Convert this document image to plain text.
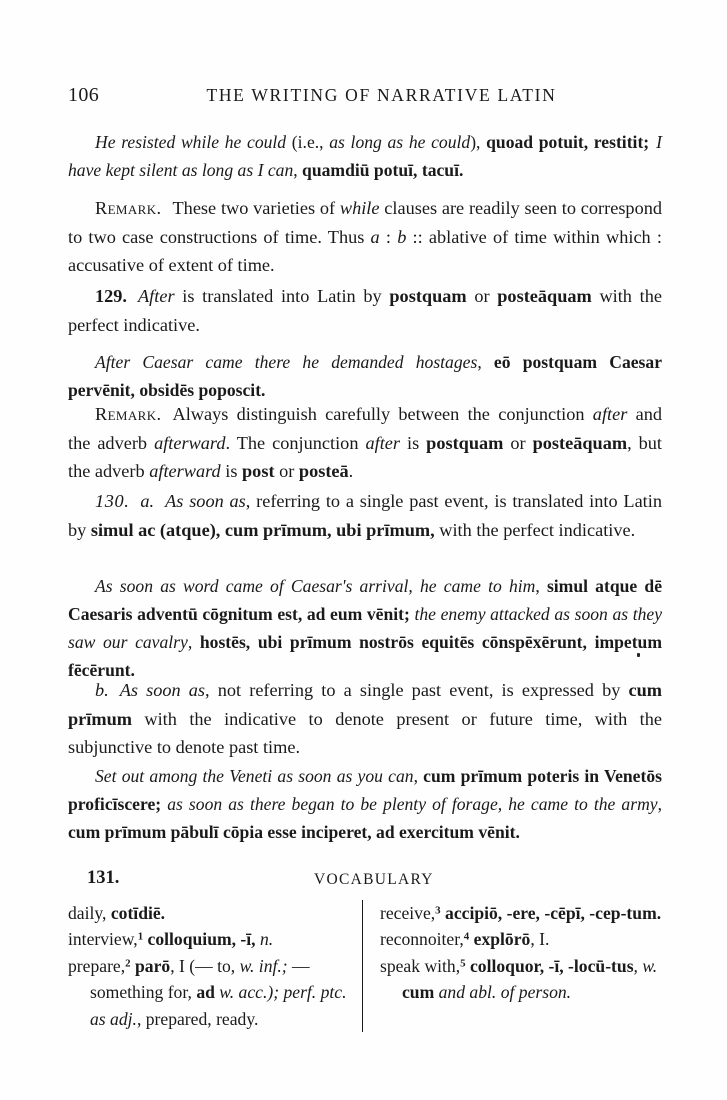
106	THE WRITING OF NARRATIVE LATIN
He resisted while he could (i.e., as long as he could), quoad potuit, restitit; I have kept silent as long as I can, quamdiū potuī, tacuī.
Remark. These two varieties of while clauses are readily seen to correspond to two case constructions of time. Thus a : b :: ablative of time within which : accusative of extent of time.
129. After is translated into Latin by postquam or posteāquam with the perfect indicative.
After Caesar came there he demanded hostages, eō postquam Caesar pervēnit, obsidēs poposcit.
Remark. Always distinguish carefully between the conjunction after and the adverb afterward. The conjunction after is postquam or posteāquam, but the adverb afterward is post or posteā.
130. a. As soon as, referring to a single past event, is translated into Latin by simul ac (atque), cum prīmum, ubi prīmum, with the perfect indicative.
As soon as word came of Caesar's arrival, he came to him, simul atque dē Caesaris adventū cōgnitum est, ad eum vēnit; the enemy attacked as soon as they saw our cavalry, hostēs, ubi prīmum nostrōs equitēs cōnspēxērunt, impetum fēcērunt.
b. As soon as, not referring to a single past event, is expressed by cum prīmum with the indicative to denote present or future time, with the subjunctive to denote past time.
Set out among the Veneti as soon as you can, cum prīmum poteris in Venetōs proficīscere; as soon as there began to be plenty of forage, he came to the army, cum prīmum pābulī cōpia esse inciperet, ad exercitum vēnit.
131.	VOCABULARY
daily, cotīdiē.
interview,$^1$ colloquium, -ī, n.
prepare,$^2$ parō, I (— to, w. inf.; — something for, ad w. acc.); perf. ptc. as adj., prepared, ready.
receive,$^3$ accipiō, -ere, -cēpī, -cep-tum.
reconnoiter,$^4$ explōrō, I.
speak with,$^5$ colloquor, -ī, -locū-tus, w. cum and abl. of person.
